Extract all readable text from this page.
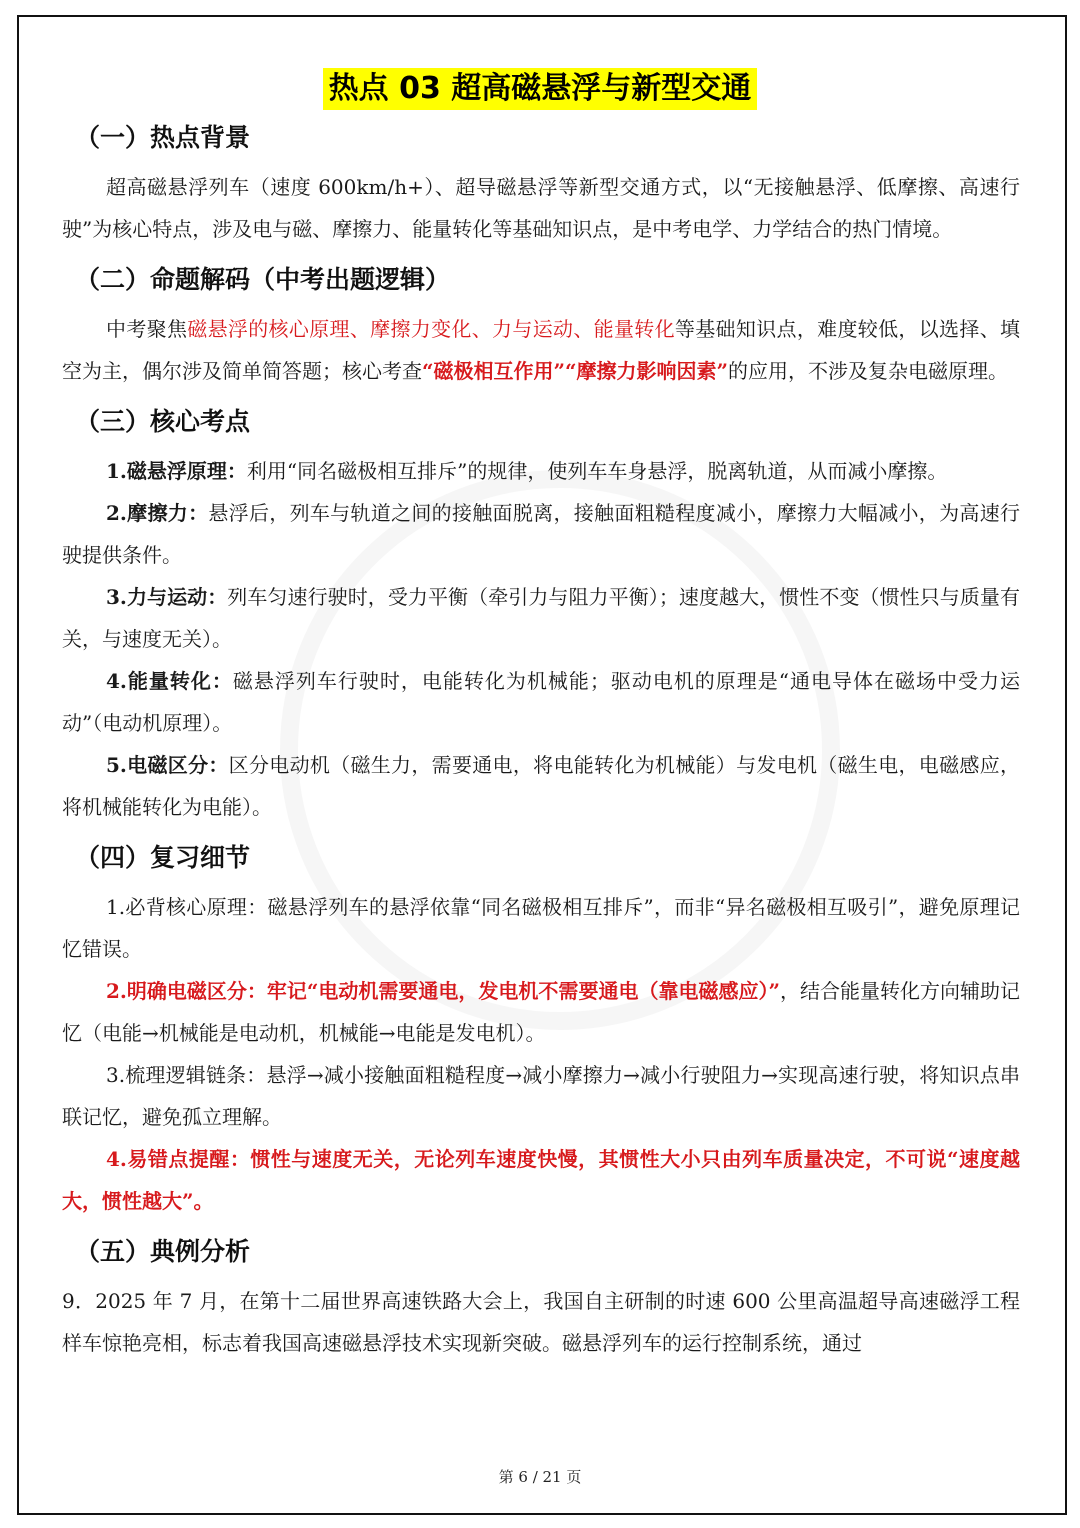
热点 03 超高磁悬浮与新型交通
（一）热点背景
超高磁悬浮列车（速度 600km/h+）、超导磁悬浮等新型交通方式，以“无接触悬浮、低摩擦、高速行驶”为核心特点，涉及电与磁、摩擦力、能量转化等基础知识点，是中考电学、力学结合的热门情境。
（二）命题解码（中考出题逻辑）
中考聚焦磁悬浮的核心原理、摩擦力变化、力与运动、能量转化等基础知识点，难度较低，以选择、填空为主，偶尔涉及简单简答题；核心考查“磁极相互作用”“摩擦力影响因素”的应用，不涉及复杂电磁原理。
（三）核心考点
1.磁悬浮原理：利用“同名磁极相互排斥”的规律，使列车车身悬浮，脱离轨道，从而减小摩擦。
2.摩擦力：悬浮后，列车与轨道之间的接触面脱离，接触面粗糙程度减小，摩擦力大幅减小，为高速行驶提供条件。
3.力与运动：列车匀速行驶时，受力平衡（牵引力与阻力平衡）；速度越大，惯性不变（惯性只与质量有关，与速度无关）。
4.能量转化：磁悬浮列车行驶时，电能转化为机械能；驱动电机的原理是“通电导体在磁场中受力运动”（电动机原理）。
5.电磁区分：区分电动机（磁生力，需要通电，将电能转化为机械能）与发电机（磁生电，电磁感应，将机械能转化为电能）。
（四）复习细节
1.必背核心原理：磁悬浮列车的悬浮依靠“同名磁极相互排斥”，而非“异名磁极相互吸引”，避免原理记忆错误。
2.明确电磁区分：牢记“电动机需要通电，发电机不需要通电（靠电磁感应）”，结合能量转化方向辅助记忆（电能→机械能是电动机，机械能→电能是发电机）。
3.梳理逻辑链条：悬浮→减小接触面粗糙程度→减小摩擦力→减小行驶阻力→实现高速行驶，将知识点串联记忆，避免孤立理解。
4.易错点提醒：惯性与速度无关，无论列车速度快慢，其惯性大小只由列车质量决定，不可说“速度越大，惯性越大”。
（五）典例分析
9．2025 年 7 月，在第十二届世界高速铁路大会上，我国自主研制的时速 600 公里高温超导高速磁浮工程样车惊艳亮相，标志着我国高速磁悬浮技术实现新突破。磁悬浮列车的运行控制系统，通过
第 6 / 21 页
